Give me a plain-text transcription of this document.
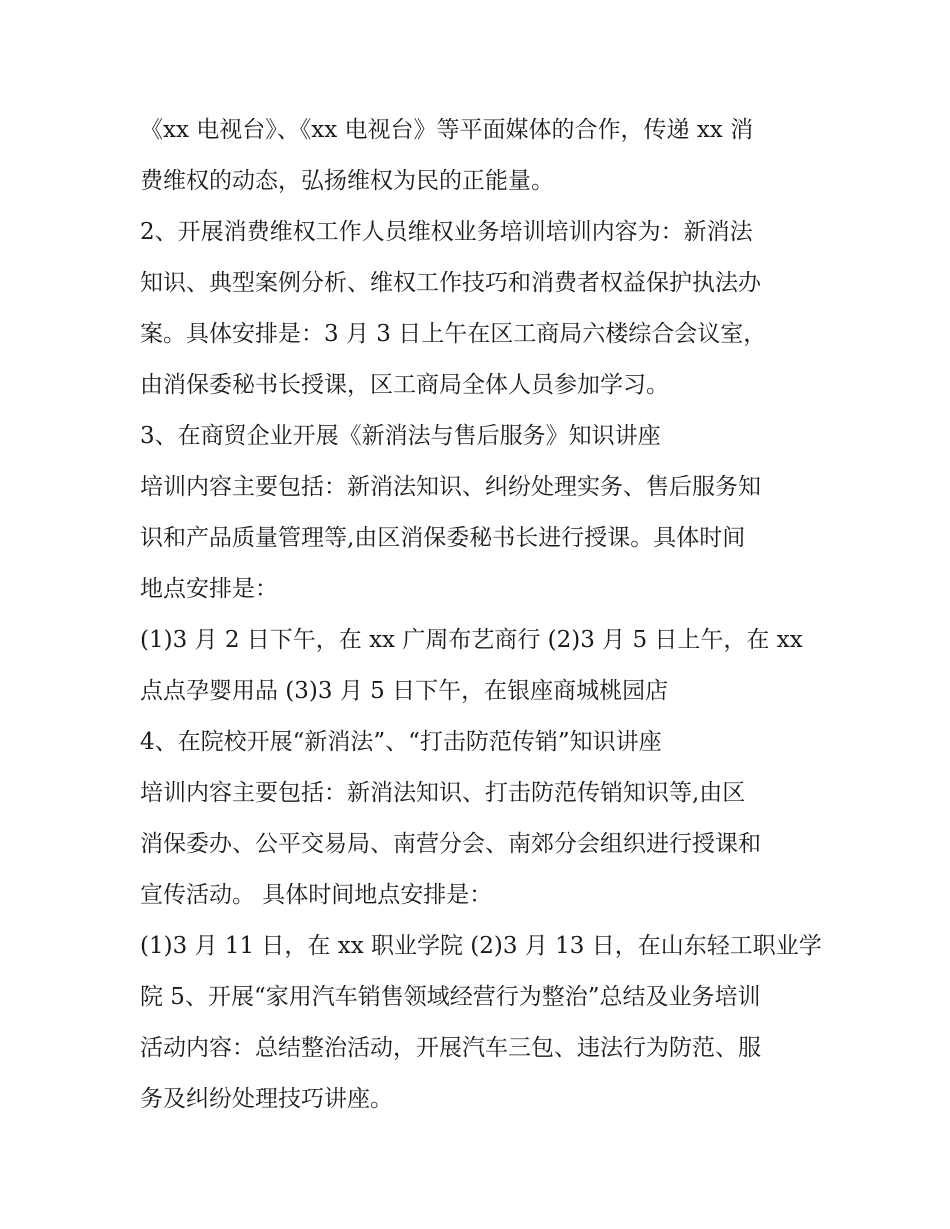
《xx 电视台》、《xx 电视台》等平面媒体的合作，传递 xx 消
费维权的动态，弘扬维权为民的正能量。
2、开展消费维权工作人员维权业务培训培训内容为：新消法
知识、典型案例分析、维权工作技巧和消费者权益保护执法办
案。具体安排是：3 月 3 日上午在区工商局六楼综合会议室，
由消保委秘书长授课，区工商局全体人员参加学习。
3、在商贸企业开展《新消法与售后服务》知识讲座
培训内容主要包括：新消法知识、纠纷处理实务、售后服务知
识和产品质量管理等,由区消保委秘书长进行授课。具体时间
地点安排是：
(1)3 月 2 日下午，在 xx 广周布艺商行 (2)3 月 5 日上午，在 xx
点点孕婴用品 (3)3 月 5 日下午，在银座商城桃园店
4、在院校开展“新消法”、“打击防范传销”知识讲座
培训内容主要包括：新消法知识、打击防范传销知识等,由区
消保委办、公平交易局、南营分会、南郊分会组织进行授课和
宣传活动。 具体时间地点安排是：
(1)3 月 11 日，在 xx 职业学院 (2)3 月 13 日，在山东轻工职业学
院 5、开展“家用汽车销售领域经营行为整治”总结及业务培训
活动内容：总结整治活动，开展汽车三包、违法行为防范、服
务及纠纷处理技巧讲座。
